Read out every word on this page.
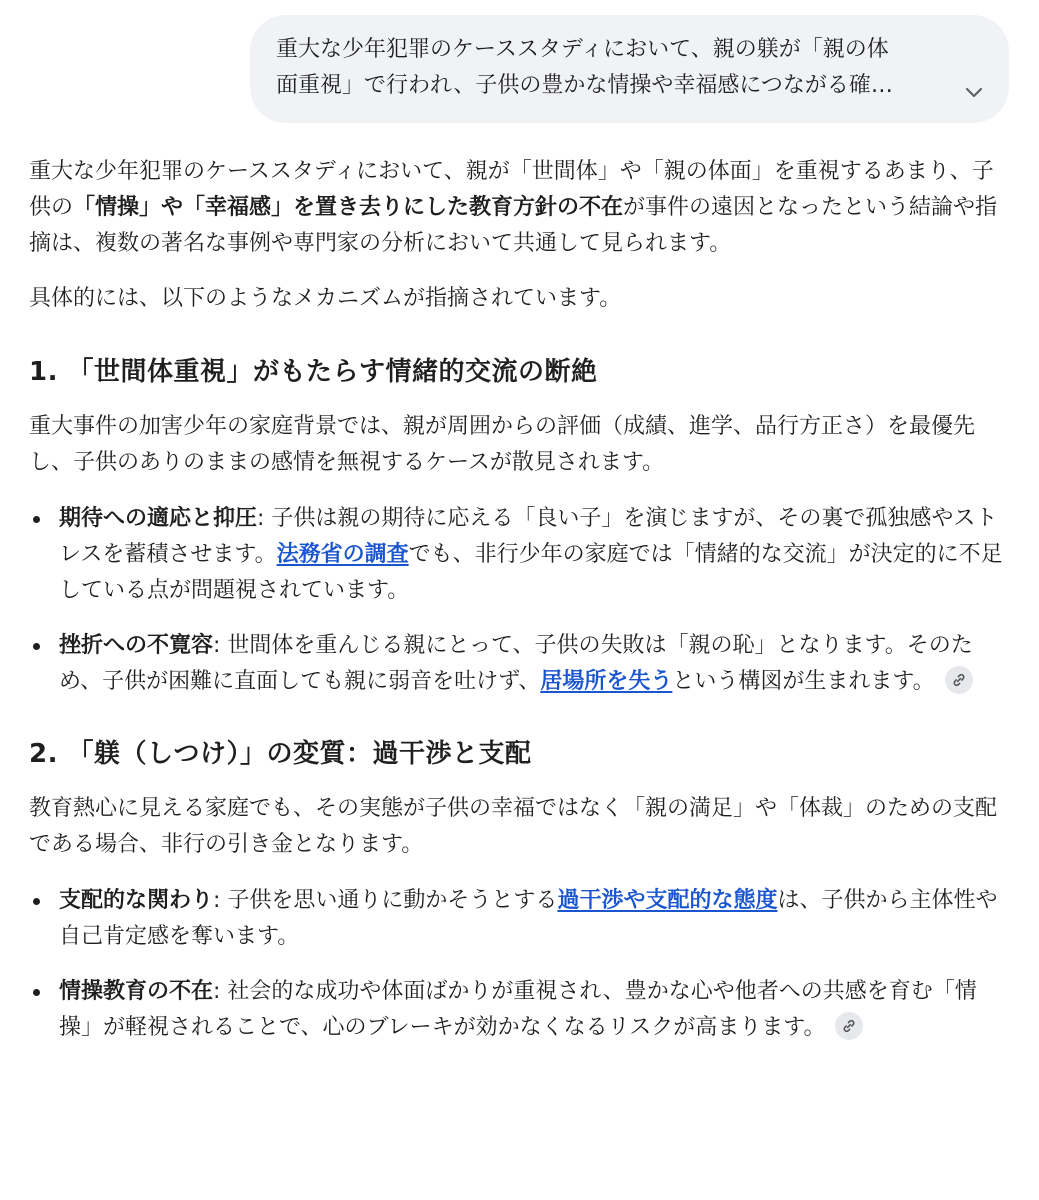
重大な少年犯罪のケーススタディにおいて、親の躾が「親の体
面重視」で行われ、子供の豊かな情操や幸福感につながる確…

重大な少年犯罪のケーススタディにおいて、親が「世間体」や「親の体面」を重視するあまり、子供の「情操」や「幸福感」を置き去りにした教育方針の不在が事件の遠因となったという結論や指摘は、複数の著名な事例や専門家の分析において共通して見られます。

具体的には、以下のようなメカニズムが指摘されています。

1. 「世間体重視」がもたらす情緒的交流の断絶

重大事件の加害少年の家庭背景では、親が周囲からの評価（成績、進学、品行方正さ）を最優先し、子供のありのままの感情を無視するケースが散見されます。

期待への適応と抑圧: 子供は親の期待に応える「良い子」を演じますが、その裏で孤独感やストレスを蓄積させます。法務省の調査でも、非行少年の家庭では「情緒的な交流」が決定的に不足している点が問題視されています。
挫折への不寛容: 世間体を重んじる親にとって、子供の失敗は「親の恥」となります。そのため、子供が困難に直面しても親に弱音を吐けず、居場所を失うという構図が生まれます。
2. 「躾（しつけ）」の変質：過干渉と支配

教育熱心に見える家庭でも、その実態が子供の幸福ではなく「親の満足」や「体裁」のための支配である場合、非行の引き金となります。

支配的な関わり: 子供を思い通りに動かそうとする過干渉や支配的な態度は、子供から主体性や自己肯定感を奪います。
情操教育の不在: 社会的な成功や体面ばかりが重視され、豊かな心や他者への共感を育む「情操」が軽視されることで、心のブレーキが効かなくなるリスクが高まります。
